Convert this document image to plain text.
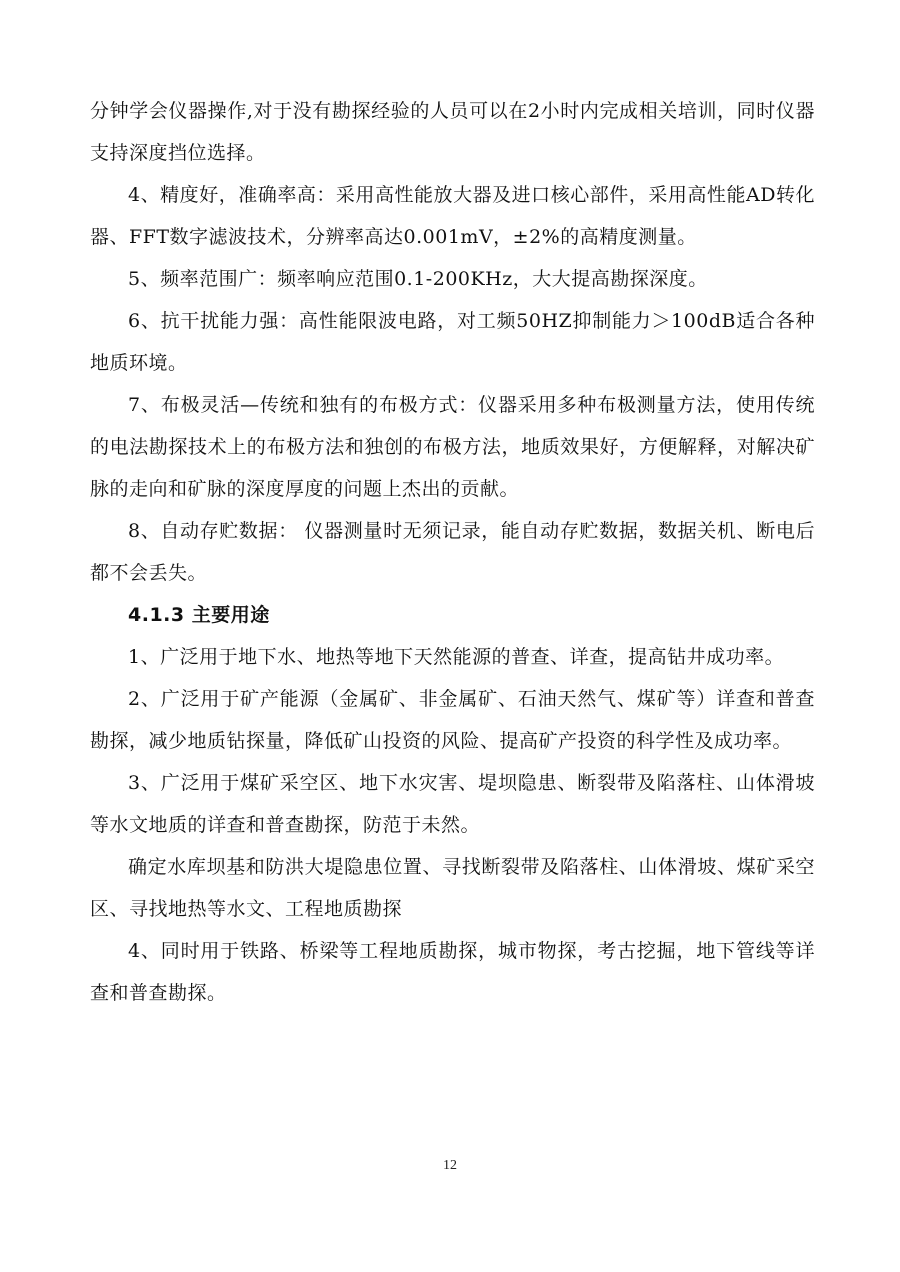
分钟学会仪器操作,对于没有勘探经验的人员可以在2小时内完成相关培训，同时仪器支持深度挡位选择。

4、精度好，准确率高：采用高性能放大器及进口核心部件，采用高性能AD转化器、FFT数字滤波技术，分辨率高达0.001mV，±2%的高精度测量。

5、频率范围广：频率响应范围0.1-200KHz，大大提高勘探深度。

6、抗干扰能力强：高性能限波电路，对工频50HZ抑制能力＞100dB适合各种地质环境。

7、布极灵活—传统和独有的布极方式：仪器采用多种布极测量方法，使用传统的电法勘探技术上的布极方法和独创的布极方法，地质效果好，方便解释，对解决矿脉的走向和矿脉的深度厚度的问题上杰出的贡献。

8、自动存贮数据： 仪器测量时无须记录，能自动存贮数据，数据关机、断电后都不会丢失。

4.1.3 主要用途

1、广泛用于地下水、地热等地下天然能源的普查、详查，提高钻井成功率。

2、广泛用于矿产能源（金属矿、非金属矿、石油天然气、煤矿等）详查和普查勘探，减少地质钻探量，降低矿山投资的风险、提高矿产投资的科学性及成功率。

3、广泛用于煤矿采空区、地下水灾害、堤坝隐患、断裂带及陷落柱、山体滑坡等水文地质的详查和普查勘探，防范于未然。

确定水库坝基和防洪大堤隐患位置、寻找断裂带及陷落柱、山体滑坡、煤矿采空区、寻找地热等水文、工程地质勘探

4、同时用于铁路、桥梁等工程地质勘探，城市物探，考古挖掘，地下管线等详查和普查勘探。

12
